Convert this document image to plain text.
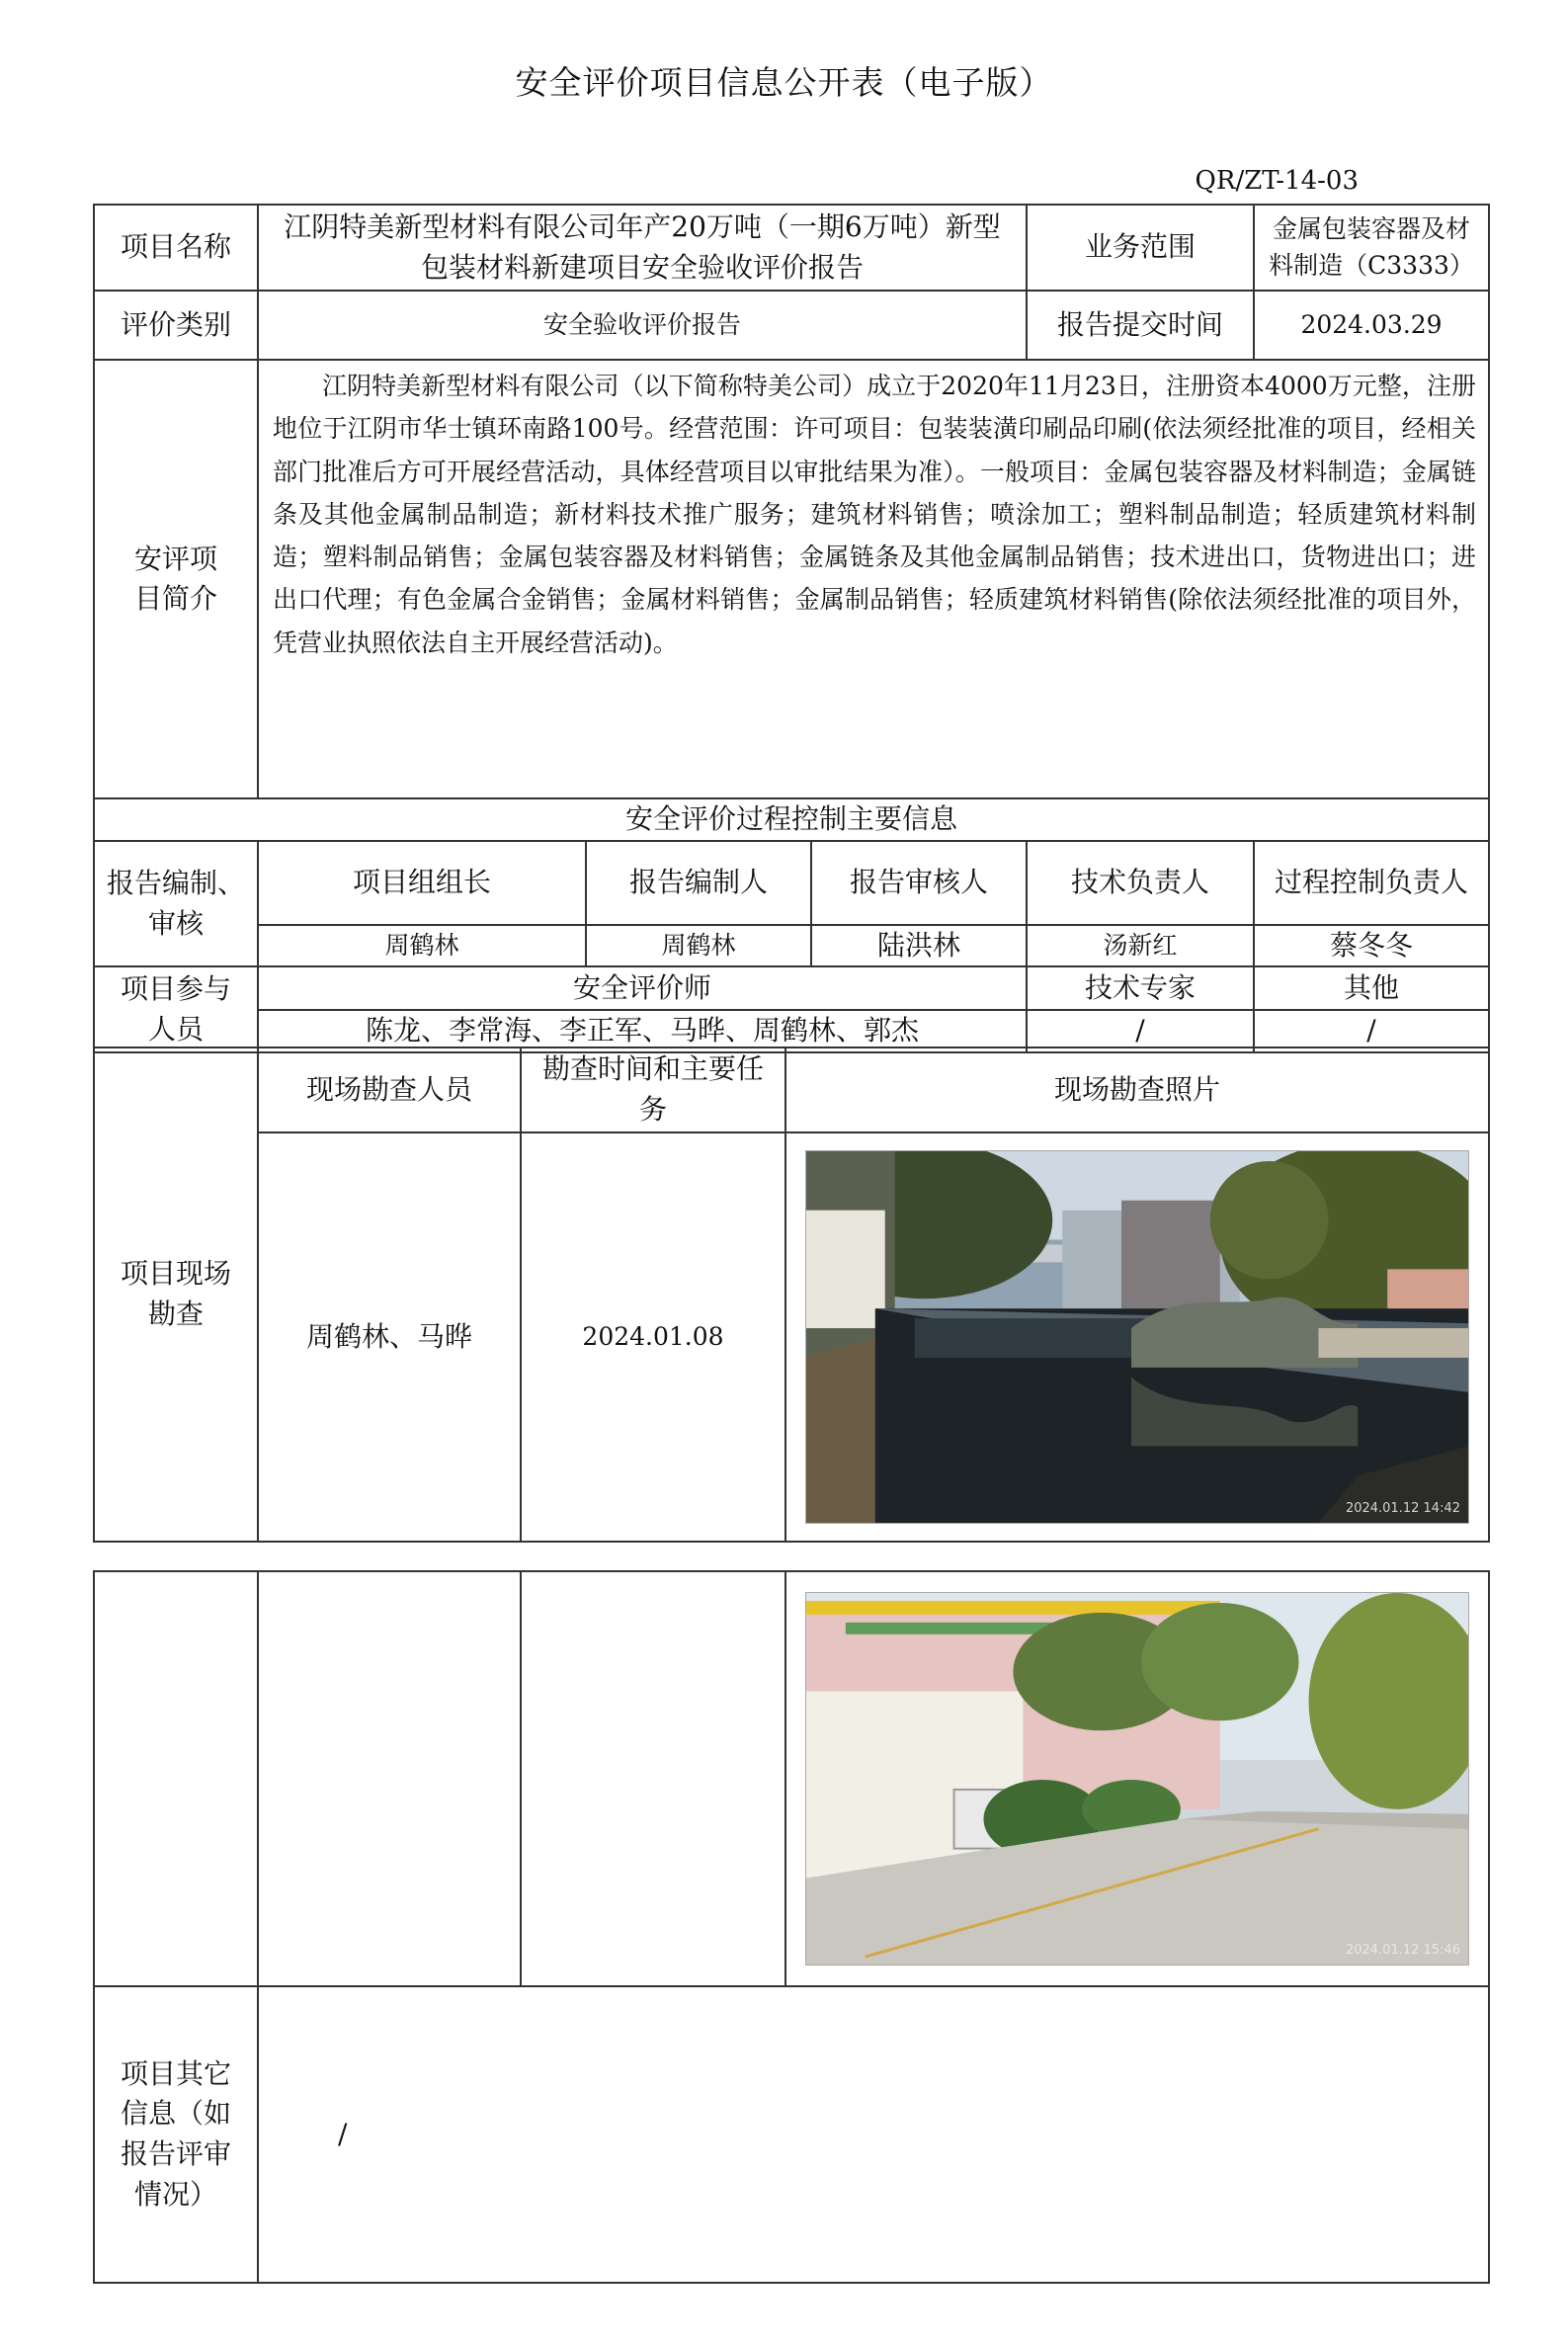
安全评价项目信息公开表（电子版）
QR/ZT-14-03
项目名称	江阴特美新型材料有限公司年产20万吨（一期6万吨）新型包装材料新建项目安全验收评价报告			业务范围	金属包装容器及材料制造（C3333）
评价类别	安全验收评价报告			报告提交时间	2024.03.29
安评项目简介	江阴特美新型材料有限公司（以下简称特美公司）成立于2020年11月23日，注册资本4000万元整，注册地位于江阴市华士镇环南路100号。经营范围：许可项目：包装装潢印刷品印刷(依法须经批准的项目，经相关部门批准后方可开展经营活动，具体经营项目以审批结果为准）。一般项目：金属包装容器及材料制造；金属链条及其他金属制品制造；新材料技术推广服务；建筑材料销售；喷涂加工；塑料制品制造；轻质建筑材料制造；塑料制品销售；金属包装容器及材料销售；金属链条及其他金属制品销售；技术进出口，货物进出口；进出口代理；有色金属合金销售；金属材料销售；金属制品销售；轻质建筑材料销售(除依法须经批准的项目外，凭营业执照依法自主开展经营活动)。				
安全评价过程控制主要信息					
报告编制、审核	项目组组长	报告编制人	报告审核人	技术负责人	过程控制负责人
	周鹤林	周鹤林	陆洪林	汤新红	蔡冬冬
项目参与人员	安全评价师			技术专家	其他
	陈龙、李常海、李正军、马晔、周鹤林、郭杰			/	/
项目现场勘查	现场勘查人员	勘查时间和主要任务	现场勘查照片
	周鹤林、马晔	2024.01.08	2024.01.12 14:42

			2024.01.12 15:46

项目其它信息（如报告评审情况）	/		
